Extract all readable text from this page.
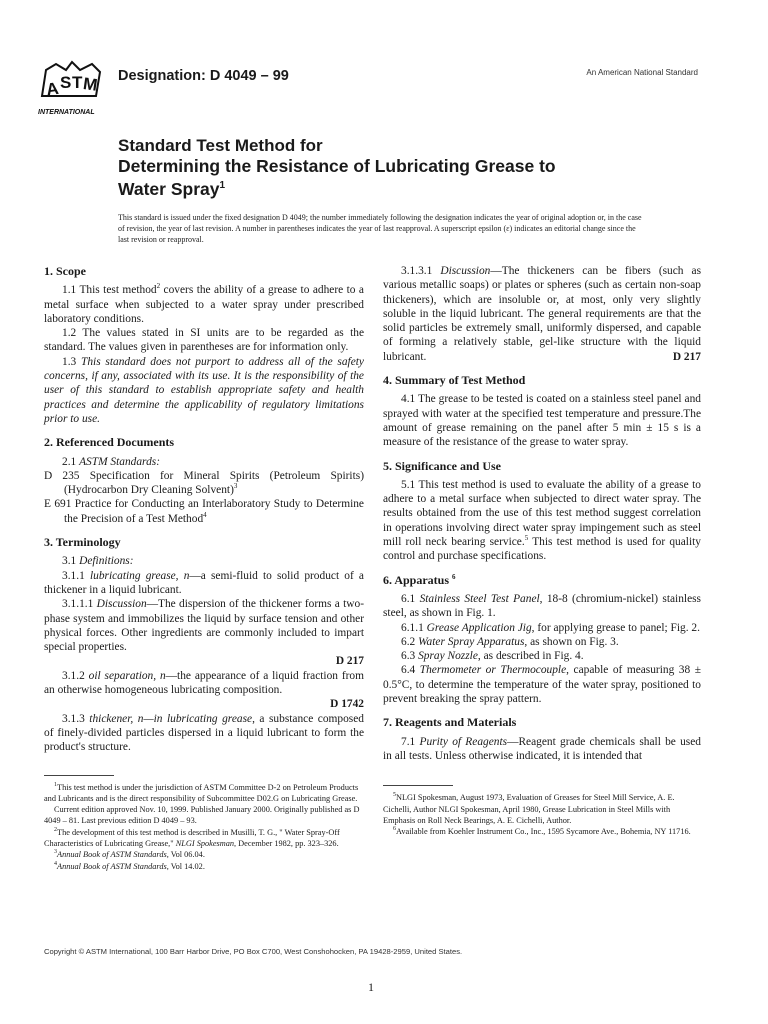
A S T M
INTERNATIONAL
Designation: D 4049 – 99	An American National Standard
Standard Test Method for
Determining the Resistance of Lubricating Grease to Water Spray$^1$
This standard is issued under the fixed designation D 4049; the number immediately following the designation indicates the year of original adoption or, in the case of revision, the year of last revision. A number in parentheses indicates the year of last reapproval. A superscript epsilon (ε) indicates an editorial change since the last revision or reapproval.
1. Scope

1.1 This test method$^2$ covers the ability of a grease to adhere to a metal surface when subjected to a water spray under prescribed laboratory conditions.

1.2 The values stated in SI units are to be regarded as the standard. The values given in parentheses are for information only.

1.3 This standard does not purport to address all of the safety concerns, if any, associated with its use. It is the responsibility of the user of this standard to establish appropriate safety and health practices and determine the applicability of regulatory limitations prior to use.

2. Referenced Documents

2.1 ASTM Standards:

D 235 Specification for Mineral Spirits (Petroleum Spirits) (Hydrocarbon Dry Cleaning Solvent)$^3$

E 691 Practice for Conducting an Interlaboratory Study to Determine the Precision of a Test Method$^4$

3. Terminology

3.1 Definitions:

3.1.1 lubricating grease, n—a semi-fluid to solid product of a thickener in a liquid lubricant.

3.1.1.1 Discussion—The dispersion of the thickener forms a two-phase system and immobilizes the liquid by surface tension and other physical forces. Other ingredients are commonly included to impart special properties.

D 217

3.1.2 oil separation, n—the appearance of a liquid fraction from an otherwise homogeneous lubricating composition.

D 1742

3.1.3 thickener, n—in lubricating grease, a substance composed of finely-divided particles dispersed in a liquid lubricant to form the product's structure.

$^1$This test method is under the jurisdiction of ASTM Committee D-2 on Petroleum Products and Lubricants and is the direct responsibility of Subcommittee D02.G on Lubricating Grease.

Current edition approved Nov. 10, 1999. Published January 2000. Originally published as D 4049 – 81. Last previous edition D 4049 – 93.

$^2$The development of this test method is described in Musilli, T. G., " Water Spray-Off Characteristics of Lubricating Grease," NLGI Spokesman, December 1982, pp. 323–326.

$^3$Annual Book of ASTM Standards, Vol 06.04.

$^4$Annual Book of ASTM Standards, Vol 14.02.

3.1.3.1 Discussion—The thickeners can be fibers (such as various metallic soaps) or plates or spheres (such as certain non-soap thickeners), which are insoluble or, at most, only very slightly soluble in the liquid lubricant. The general requirements are that the solid particles be extremely small, uniformly dispersed, and capable of forming a relatively stable, gel-like structure with the liquid lubricant.	D 217

4. Summary of Test Method

4.1 The grease to be tested is coated on a stainless steel panel and sprayed with water at the specified test temperature and pressure.The amount of grease remaining on the panel after 5 min ± 15 s is a measure of the resistance of the grease to water spray.

5. Significance and Use

5.1 This test method is used to evaluate the ability of a grease to adhere to a metal surface when subjected to direct water spray. The results obtained from the use of this test method suggest correlation in operations involving direct water spray impingement such as steel mill roll neck bearing service.$^5$ This test method is used for quality control and purchase specifications.

6. Apparatus $^6$

6.1 Stainless Steel Test Panel, 18-8 (chromium-nickel) stainless steel, as shown in Fig. 1.

6.1.1 Grease Application Jig, for applying grease to panel; Fig. 2.

6.2 Water Spray Apparatus, as shown on Fig. 3.

6.3 Spray Nozzle, as described in Fig. 4.

6.4 Thermometer or Thermocouple, capable of measuring 38 ± 0.5°C, to determine the temperature of the water spray, positioned to prevent breaking the spray pattern.

7. Reagents and Materials

7.1 Purity of Reagents—Reagent grade chemicals shall be used in all tests. Unless otherwise indicated, it is intended that

$^5$NLGI Spokesman, August 1973, Evaluation of Greases for Steel Mill Service, A. E. Cichelli, Author NLGI Spokesman, April 1980, Grease Lubrication in Steel Mills with Emphasis on Roll Neck Bearings, A. E. Cichelli, Author.

$^6$Available from Koehler Instrument Co., Inc., 1595 Sycamore Ave., Bohemia, NY 11716.

Copyright © ASTM International, 100 Barr Harbor Drive, PO Box C700, West Conshohocken, PA 19428-2959, United States.
1
